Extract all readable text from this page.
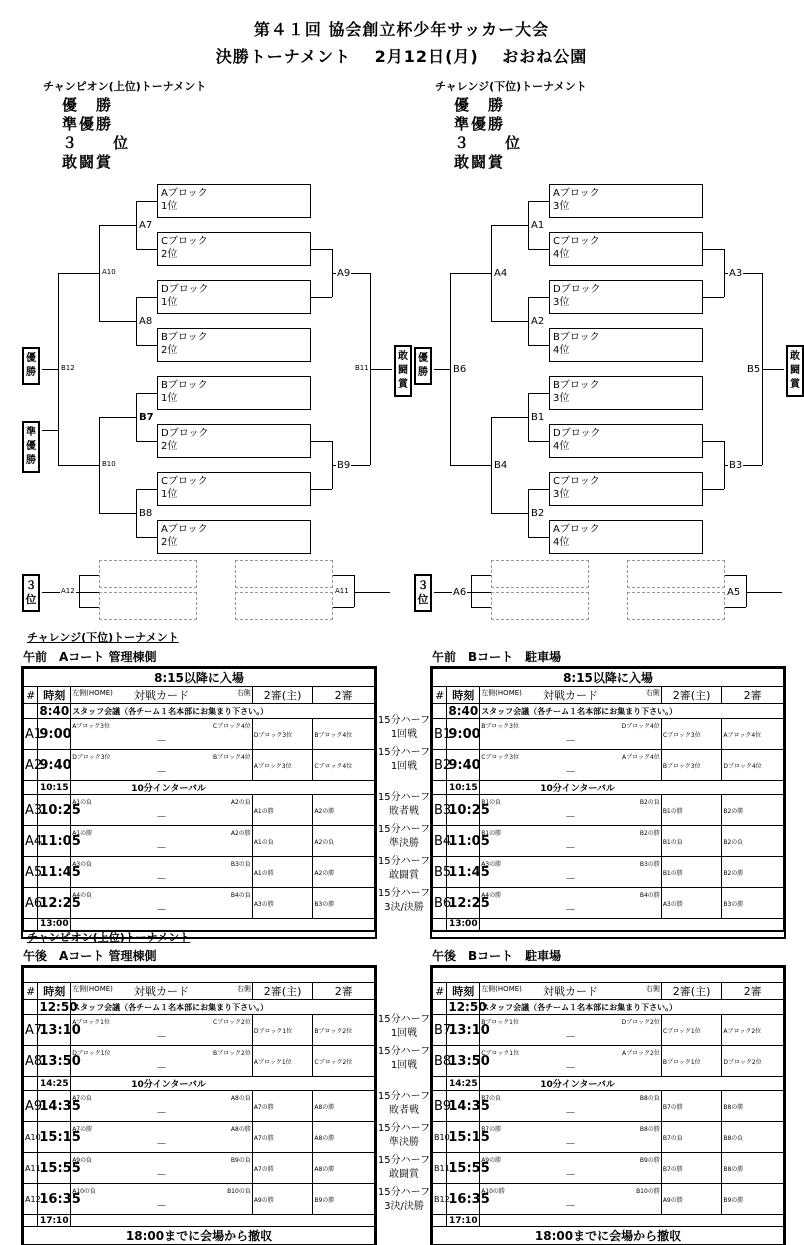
第４１回 協会創立杯少年サッカー大会
決勝トーナメント　 2月12日(月)　 おおね公園
チャンピオン(上位)トーナメント
優　勝
準優勝
３　　位
敢闘賞
Aブロック
1位
Cブロック
2位
Dブロック
1位
Bブロック
2位
Bブロック
1位
Dブロック
2位
Cブロック
1位
Aブロック
2位
A7
A8
B7
B8
A10	A9
B10	B9
B12	B11
優
勝
準
優
勝
敢
闘
賞
A12	A11
３
位
チャレンジ(下位)トーナメント
優　勝
準優勝
３　　位
敢闘賞
Aブロック
3位
Cブロック
4位
Dブロック
3位
Bブロック
4位
Bブロック
3位
Dブロック
4位
Cブロック
3位
Aブロック
4位
A1
A2
B1
B2
A4	A3
B4	B3
B6	B5
優
勝
敢
闘
賞
A6	A5
３
位
チャレンジ(下位)トーナメント
チャンピオン(上位)トーナメント
午前　Aコート 管理棟側
8:15以降に入場				
#	時刻	左側(HOME) 対戦カード 右側	2審(主)	2審
	8:40	スタッフ会議（各チーム１名本部にお集まり下さい。）		
A1	9:00	Aブロック3位 Cブロック4位
－	Dブロック3位	Bブロック4位
A2	9:40	Dブロック3位 Bブロック4位
－	Aブロック3位	Cブロック4位
	10:15	10分インターバル		
A3	10:25	A1の負 A2の負
－	A1の勝	A2の勝
A4	11:05	A1の勝 A2の勝
－	A1の負	A2の負
A5	11:45	A3の負 B3の負
－	A1の勝	A2の勝
A6	12:25	A4の負 B4の負
－	A3の勝	B3の勝
	13:00			

15分ハーフ
1回戦
15分ハーフ
1回戦
15分ハーフ
敗者戦
15分ハーフ
準決勝
15分ハーフ
敢闘賞
15分ハーフ
3決/決勝
午前　Bコート　駐車場
8:15以降に入場				
#	時刻	左側(HOME) 対戦カード 右側	2審(主)	2審
	8:40	スタッフ会議（各チーム１名本部にお集まり下さい。）		
B1	9:00	Bブロック3位 Dブロック4位
－	Cブロック3位	Aブロック4位
B2	9:40	Cブロック3位 Aブロック4位
－	Bブロック3位	Dブロック4位
	10:15	10分インターバル		
B3	10:25	B1の負 B2の負
－	B1の勝	B2の勝
B4	11:05	B1の勝 B2の勝
－	B1の負	B2の負
B5	11:45	A3の勝 B3の勝
－	B1の勝	B2の勝
B6	12:25	A4の勝 B4の勝
－	A3の勝	B3の勝
	13:00			

午後　Aコート 管理棟側

#	時刻	左側(HOME) 対戦カード 右側	2審(主)	2審
	12:50	スタッフ会議（各チーム１名本部にお集まり下さい。）		
A7	13:10	Aブロック1位 Cブロック2位
－	Dブロック1位	Bブロック2位
A8	13:50	Dブロック1位 Bブロック2位
－	Aブロック1位	Cブロック2位
	14:25	10分インターバル		
A9	14:35	A7の負 A8の負
－	A7の勝	A8の勝
A10	15:15	A7の勝 A8の勝
－	A7の勝	A8の勝
A11	15:55	A9の負 B9の負
－	A7の勝	A8の勝
A12	16:35	A10の負 B10の負
－	A9の勝	B9の勝
	17:10			
18:00までに会場から撤収				
15分ハーフ
1回戦
15分ハーフ
1回戦
15分ハーフ
敗者戦
15分ハーフ
準決勝
15分ハーフ
敢闘賞
15分ハーフ
3決/決勝
午後　Bコート　駐車場

#	時刻	左側(HOME) 対戦カード 右側	2審(主)	2審
	12:50	スタッフ会議（各チーム１名本部にお集まり下さい。）		
B7	13:10	Bブロック1位 Dブロック2位
－	Cブロック1位	Aブロック2位
B8	13:50	Cブロック1位 Aブロック2位
－	Bブロック1位	Dブロック2位
	14:25	10分インターバル		
B9	14:35	B7の負 B8の負
－	B7の勝	B8の勝
B10	15:15	B7の勝 B8の勝
－	B7の負	B8の負
B11	15:55	A9の勝 B9の勝
－	B7の勝	B8の勝
B12	16:35	A10の勝 B10の勝
－	A9の勝	B9の勝
	17:10			
18:00までに会場から撤収				
